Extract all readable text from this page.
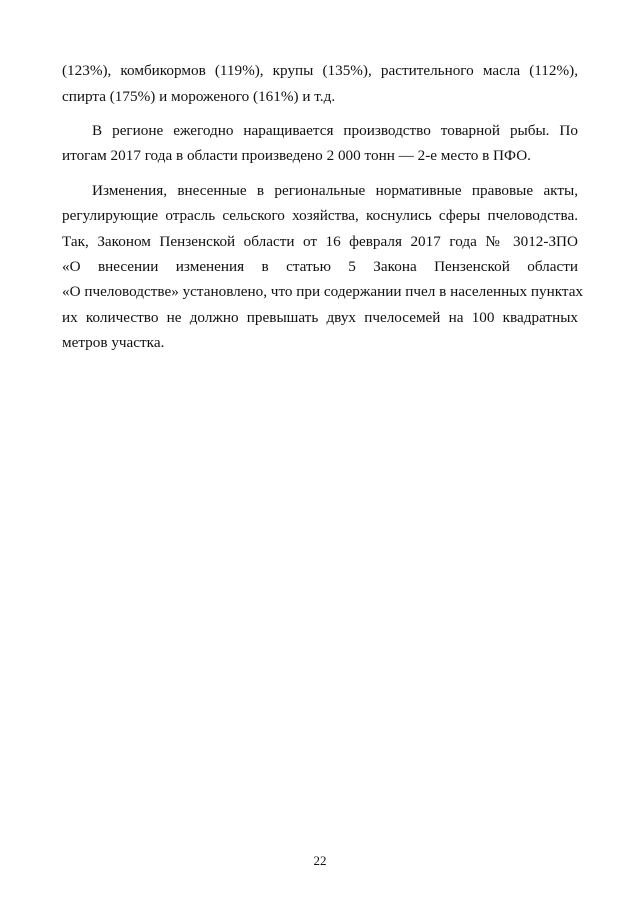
(123%), комбикормов (119%), крупы (135%), растительного масла (112%),
спирта (175%) и мороженого (161%) и т.д.
В регионе ежегодно наращивается производство товарной рыбы. По
итогам 2017 года в области произведено 2 000 тонн — 2-е место в ПФО.
Изменения, внесенные в региональные нормативные правовые акты,
регулирующие отрасль сельского хозяйства, коснулись сферы пчеловодства.
Так, Законом Пензенской области от 16 февраля 2017 года № 3012-ЗПО
«О внесении изменения в статью 5 Закона Пензенской области
«О пчеловодстве» установлено, что при содержании пчел в населенных пунктах
их количество не должно превышать двух пчелосемей на 100 квадратных
метров участка.
22
